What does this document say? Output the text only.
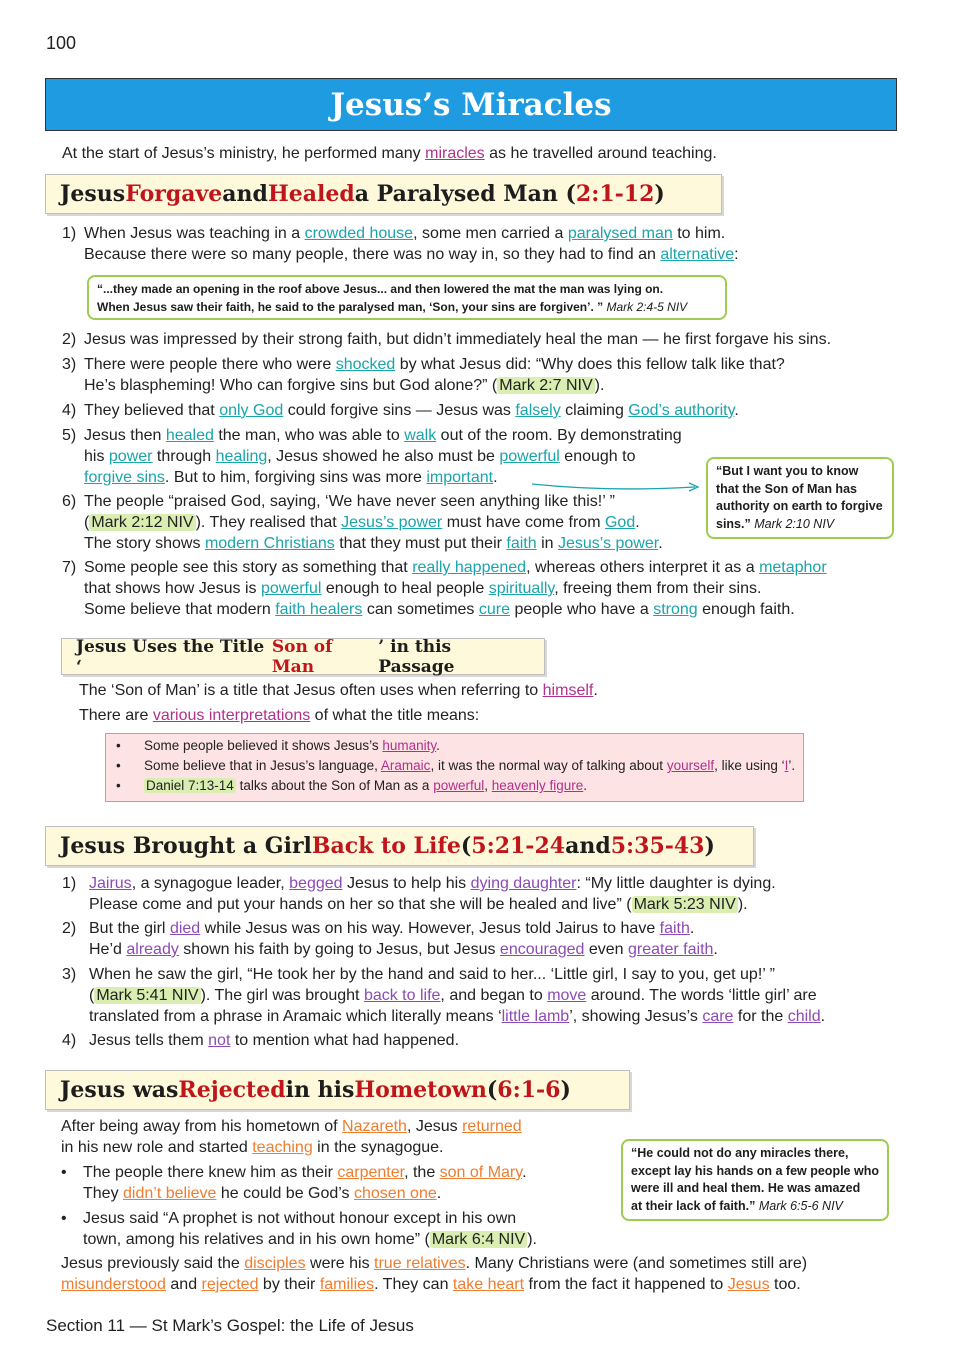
100
Jesus’s Miracles
At the start of Jesus’s ministry, he performed many miracles as he travelled around teaching.
Jesus Forgave and Healed a Paralysed Man ( 2:1-12 )
1) When Jesus was teaching in a crowded house, some men carried a paralysed man to him.
Because there were so many people, there was no way in, so they had to find an alternative:
2) Jesus was impressed by their strong faith, but didn’t immediately heal the man — he first forgave his sins.
3) There were people there who were shocked by what Jesus did: “Why does this fellow talk like that?
He’s blaspheming! Who can forgive sins but God alone?” ( Mark 2:7 NIV ).
4) They believed that only God could forgive sins — Jesus was falsely claiming God’s authority.
5) Jesus then healed the man, who was able to walk out of the room. By demonstrating
his power through healing, Jesus showed he also must be powerful enough to
forgive sins. But to him, forgiving sins was more important.
6) The people “praised God, saying, ‘We have never seen anything like this!’ ”
( Mark 2:12 NIV ). They realised that Jesus’s power must have come from God.
The story shows modern Christians that they must put their faith in Jesus’s power.
7) Some people see this story as something that really happened, whereas others interpret it as a metaphor
that shows how Jesus is powerful enough to heal people spiritually, freeing them from their sins.
Some believe that modern faith healers can sometimes cure people who have a strong enough faith.
“...they made an opening in the roof above Jesus... and then lowered the mat the man was lying on.
When Jesus saw their faith, he said to the paralysed man, ‘Son, your sins are forgiven’. ” Mark 2:4-5 NIV
“But I want you to know
that the Son of Man has
authority on earth to forgive
sins.” Mark 2:10 NIV
Jesus Uses the Title ‘
Son of Man
’ in this Passage
The ‘Son of Man’ is a title that Jesus often uses when referring to himself.
There are various interpretations of what the title means:
• Some people believed it shows Jesus’s humanity.
• Some believe that in Jesus’s language, Aramaic, it was the normal way of talking about yourself, like using ‘I’.
• Daniel 7:13-14 talks about the Son of Man as a powerful, heavenly figure.
Jesus Brought a Girl Back to Life ( 5:21-24 and 5:35-43 )
1) Jairus, a synagogue leader, begged Jesus to help his dying daughter: “My little daughter is dying.
Please come and put your hands on her so that she will be healed and live” ( Mark 5:23 NIV ).
2) But the girl died while Jesus was on his way. However, Jesus told Jairus to have faith.
He’d already shown his faith by going to Jesus, but Jesus encouraged even greater faith.
3) When he saw the girl, “He took her by the hand and said to her... ‘Little girl, I say to you, get up!’ ”
( Mark 5:41 NIV ). The girl was brought back to life, and began to move around. The words ‘little girl’ are
translated from a phrase in Aramaic which literally means ‘little lamb’, showing Jesus’s care for the child.
4) Jesus tells them not to mention what had happened.
Jesus was Rejected in his Hometown ( 6:1-6 )
After being away from his hometown of Nazareth, Jesus returned
in his new role and started teaching in the synagogue.
• The people there knew him as their carpenter, the son of Mary.
They didn’t believe he could be God’s chosen one.
• Jesus said “A prophet is not without honour except in his own
town, among his relatives and in his own home” ( Mark 6:4 NIV ).
“He could not do any miracles there,
except lay his hands on a few people who
were ill and heal them. He was amazed
at their lack of faith.” Mark 6:5-6 NIV
Jesus previously said the disciples were his true relatives. Many Christians were (and sometimes still are)
misunderstood and rejected by their families. They can take heart from the fact it happened to Jesus too.
Section 11 — St Mark’s Gospel: the Life of Jesus
